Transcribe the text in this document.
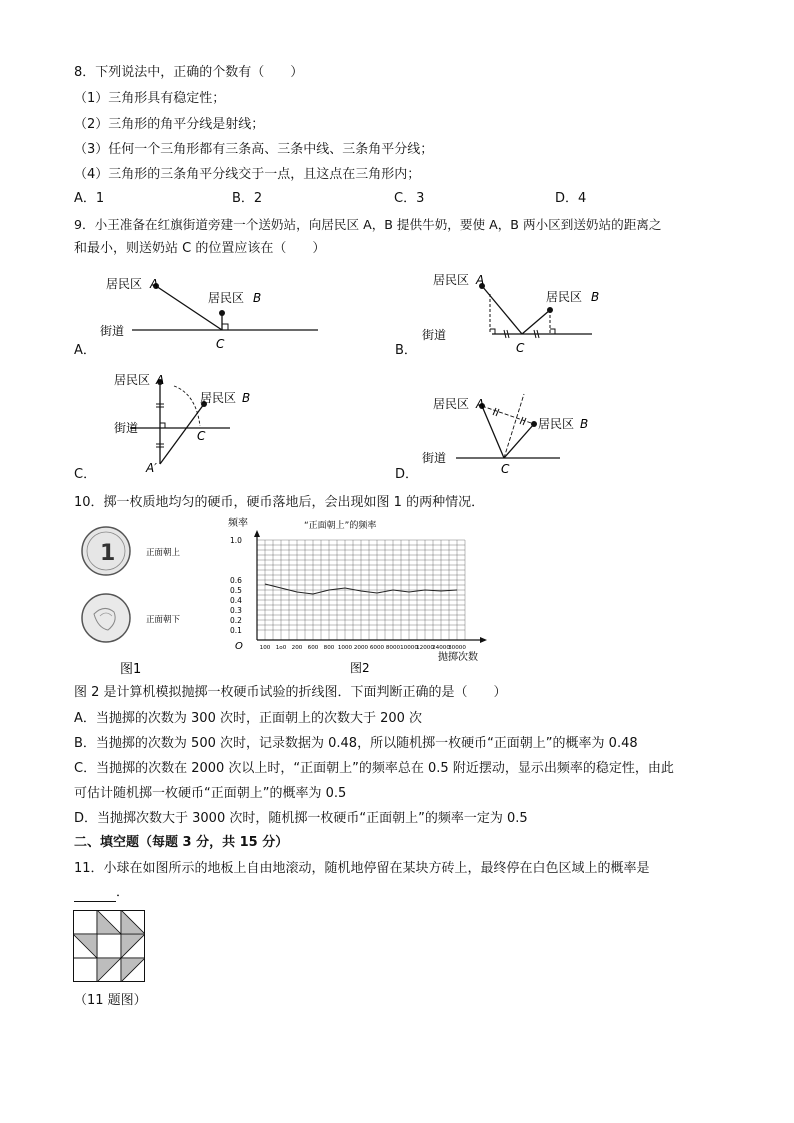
8．下列说法中，正确的个数有（　　）
（1）三角形具有稳定性；
（2）三角形的角平分线是射线；
（3）任何一个三角形都有三条高、三条中线、三条角平分线；
（4）三角形的三条角平分线交于一点，且这点在三角形内；
A．1	B．2	C．3	D．4
9．小王准备在红旗街道旁建一个送奶站，向居民区 A，B 提供牛奶，要使 A，B 两小区到送奶站的距离之
和最小，则送奶站 C 的位置应该在（　　）
居民区 A
居民区 B
街道
C
A．
居民区 A
居民区 B
街道
C
B．
居民区 A
居民区 B
街道
C
A′
C．
居民区 A
居民区 B
街道
C
D．
10．掷一枚质地均匀的硬币，硬币落地后，会出现如图 1 的两种情况．
1	正面朝上
正面朝下
图1
频率	“正面朝上”的频率
0.1
0.2
0.3
0.4
0.5
0.6
1.0
100 1o0 200 600 800 1000 2000 6000 8000 10000
12000
24000
30000
O
抛掷次数
图2
图 2 是计算机模拟抛掷一枚硬币试验的折线图．下面判断正确的是（　　）
A．当抛掷的次数为 300 次时，正面朝上的次数大于 200 次
B．当抛掷的次数为 500 次时，记录数据为 0.48，所以随机掷一枚硬币“正面朝上”的概率为 0.48
C．当抛掷的次数在 2000 次以上时，“正面朝上”的频率总在 0.5 附近摆动，显示出频率的稳定性，由此
可估计随机掷一枚硬币“正面朝上”的概率为 0.5
D．当抛掷次数大于 3000 次时，随机掷一枚硬币“正面朝上”的频率一定为 0.5
二、填空题（每题 3 分，共 15 分）
11．小球在如图所示的地板上自由地滚动，随机地停留在某块方砖上，最终停在白色区域上的概率是
．
（11 题图）
